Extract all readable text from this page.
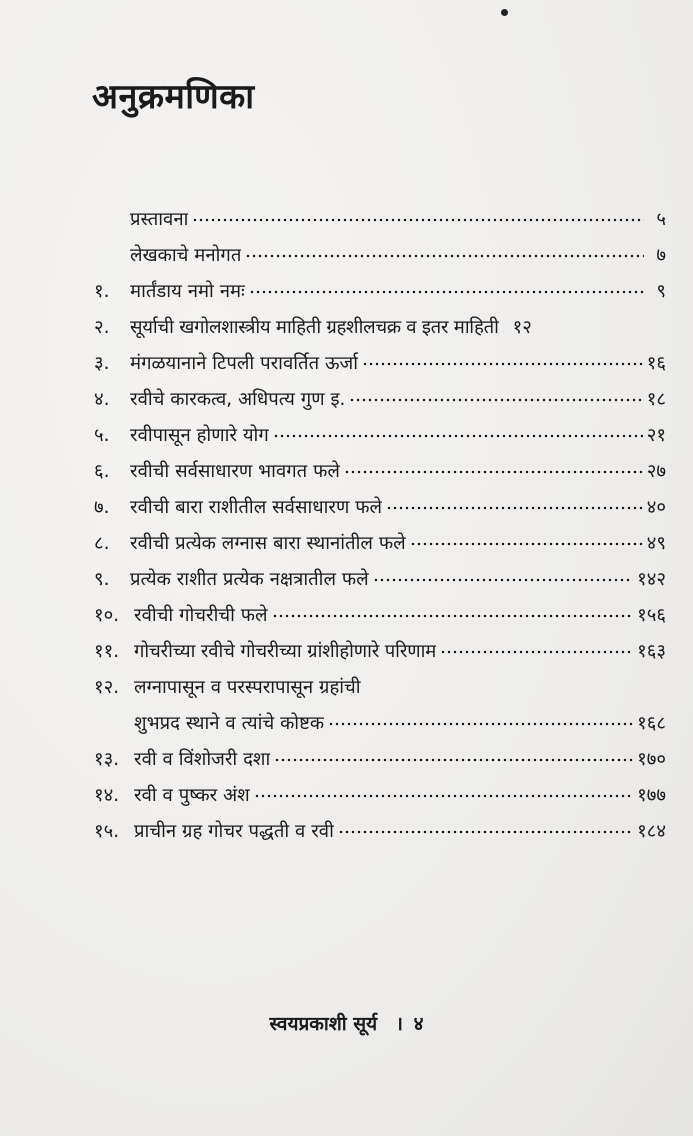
अनुक्रमणिका
प्रस्तावना	५
लेखकाचे मनोगत	७
१.	मार्तंडाय नमो नमः	९
२.	सूर्याची खगोलशास्त्रीय माहिती ग्रहशीलचक्र व इतर माहिती १२
३.	मंगळयानाने टिपली परावर्तित ऊर्जा	१६
४.	रवीचे कारकत्व, अधिपत्य गुण इ.	१८
५.	रवीपासून होणारे योग	२१
६.	रवीची सर्वसाधारण भावगत फले	२७
७.	रवीची बारा राशीतील सर्वसाधारण फले	४०
८.	रवीची प्रत्येक लग्नास बारा स्थानांतील फले	४९
९.	प्रत्येक राशीत प्रत्येक नक्षत्रातील फले	१४२
१०. रवीची गोचरीची फले	१५६
११. गोचरीच्या रवीचे गोचरीच्या ग्रांशीहोणारे परिणाम	१६३
१२. लग्नापासून व परस्परापासून ग्रहांची
शुभप्रद स्थाने व त्यांचे कोष्टक	१६८
१३. रवी व विंशोजरी दशा	१७०
१४. रवी व पुष्कर अंश	१७७
१५. प्राचीन ग्रह गोचर पद्धती व रवी	१८४
स्वयप्रकाशी सूर्य । ४
